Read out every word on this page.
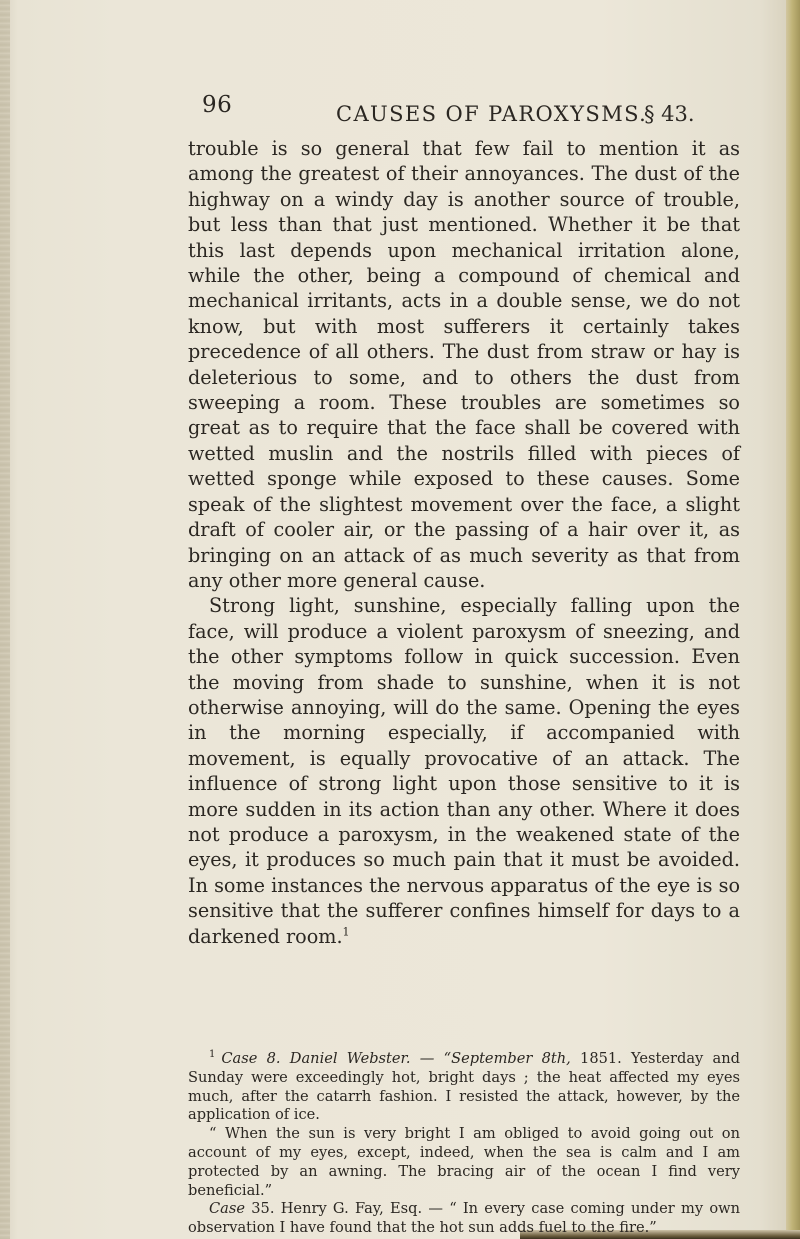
96	CAUSES OF PAROXYSMS.
§ 43.

trouble is so general that few fail to mention it as among the greatest of their annoyances. The dust of the highway on a windy day is another source of trouble, but less than that just mentioned. Whether it be that this last depends upon mechanical irritation alone, while the other, being a compound of chemical and mechanical irritants, acts in a double sense, we do not know, but with most sufferers it certainly takes precedence of all others. The dust from straw or hay is deleterious to some, and to others the dust from sweeping a room. These troubles are sometimes so great as to require that the face shall be covered with wetted muslin and the nostrils filled with pieces of wetted sponge while exposed to these causes. Some speak of the slightest movement over the face, a slight draft of cooler air, or the passing of a hair over it, as bringing on an attack of as much severity as that from any other more general cause.

Strong light, sunshine, especially falling upon the face, will produce a violent paroxysm of sneezing, and the other symptoms follow in quick succession. Even the moving from shade to sunshine, when it is not otherwise annoying, will do the same. Opening the eyes in the morning especially, if accompanied with movement, is equally provocative of an attack. The influence of strong light upon those sensitive to it is more sudden in its action than any other. Where it does not produce a paroxysm, in the weakened state of the eyes, it produces so much pain that it must be avoided. In some instances the nervous apparatus of the eye is so sensitive that the sufferer confines himself for days to a darkened room.$^1$

$^1$ Case 8. Daniel Webster. — “September 8th, 1851. Yesterday and Sunday were exceedingly hot, bright days ; the heat affected my eyes much, after the catarrh fashion. I resisted the attack, however, by the application of ice.

“ When the sun is very bright I am obliged to avoid going out on account of my eyes, except, indeed, when the sea is calm and I am protected by an awning. The bracing air of the ocean I find very beneficial.”

Case 35. Henry G. Fay, Esq. — “ In every case coming under my own observation I have found that the hot sun adds fuel to the fire.”
